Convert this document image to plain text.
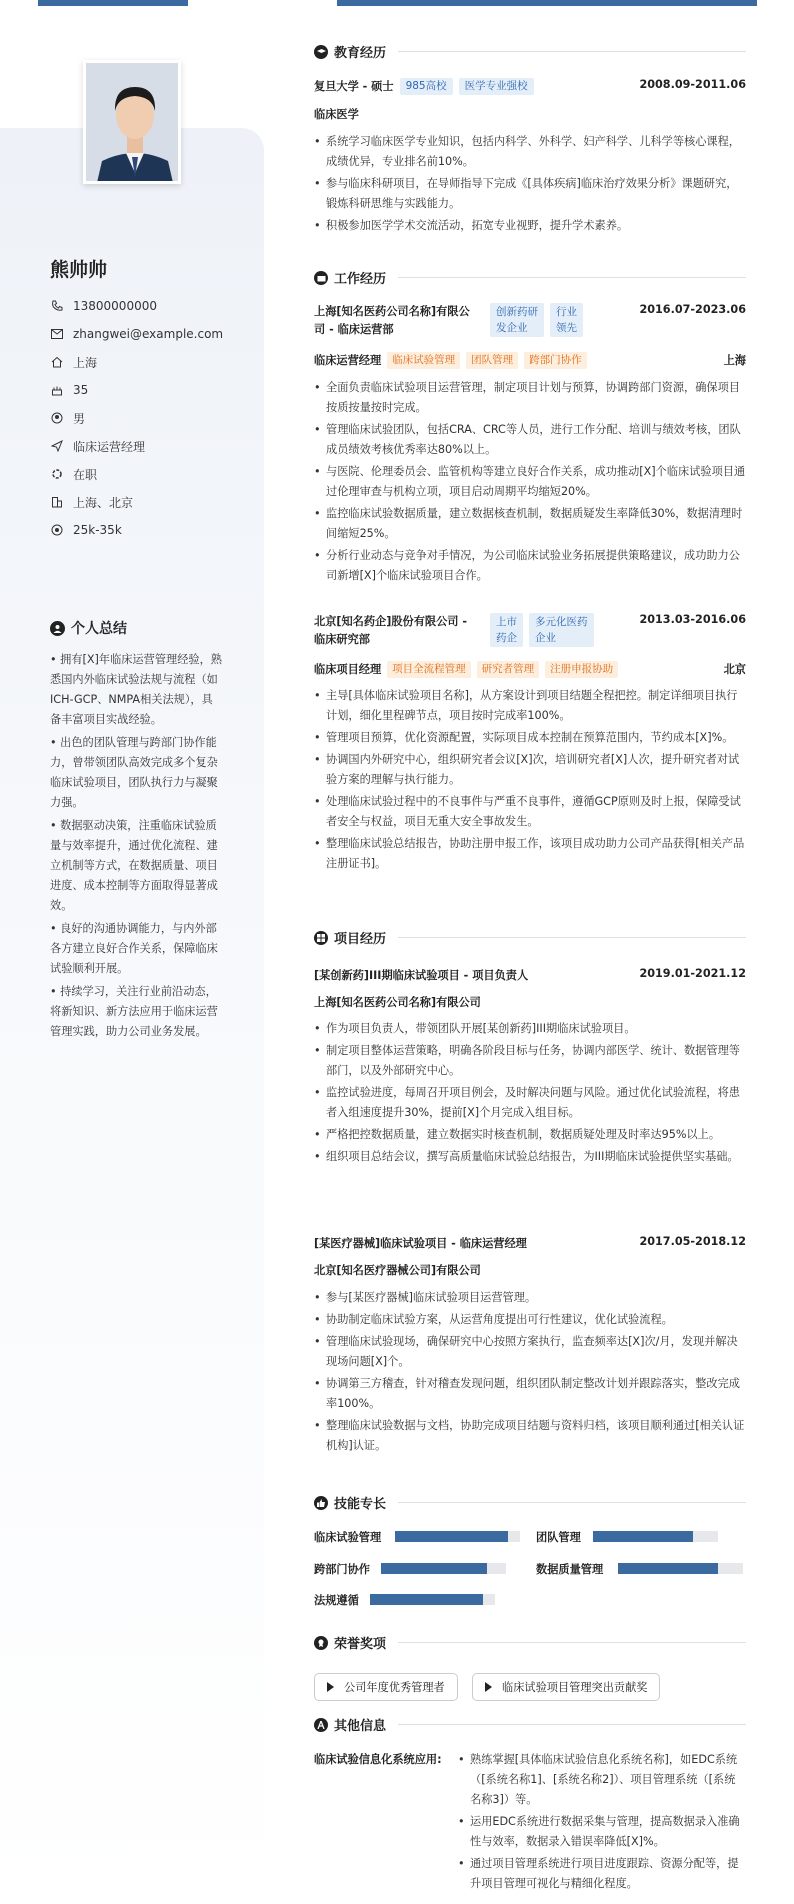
熊帅帅
13800000000
zhangwei@example.com
上海
35
男
临床运营经理
在职
上海、北京
25k-35k
个人总结
• 拥有[X]年临床运营管理经验，熟悉国内外临床试验法规与流程（如ICH-GCP、NMPA相关法规），具备丰富项目实战经验。
• 出色的团队管理与跨部门协作能力，曾带领团队高效完成多个复杂临床试验项目，团队执行力与凝聚力强。
• 数据驱动决策，注重临床试验质量与效率提升，通过优化流程、建立机制等方式，在数据质量、项目进度、成本控制等方面取得显著成效。
• 良好的沟通协调能力，与内外部各方建立良好合作关系，保障临床试验顺利开展。
• 持续学习，关注行业前沿动态，将新知识、新方法应用于临床运营管理实践，助力公司业务发展。
教育经历
复旦大学 - 硕士	985高校	医学专业强校	2008.09-2011.06
临床医学
• 系统学习临床医学专业知识，包括内科学、外科学、妇产科学、儿科学等核心课程，成绩优异，专业排名前10%。
• 参与临床科研项目，在导师指导下完成《[具体疾病]临床治疗效果分析》课题研究，锻炼科研思维与实践能力。
• 积极参加医学学术交流活动，拓宽专业视野，提升学术素养。
工作经历
上海[知名医药公司名称]有限公
司 - 临床运营部
创新药研
发企业
行业
领先
2016.07-2023.06
临床运营经理	临床试验管理	团队管理	跨部门协作	上海
• 全面负责临床试验项目运营管理，制定项目计划与预算，协调跨部门资源，确保项目按质按量按时完成。
• 管理临床试验团队，包括CRA、CRC等人员，进行工作分配、培训与绩效考核，团队成员绩效考核优秀率达80%以上。
• 与医院、伦理委员会、监管机构等建立良好合作关系，成功推动[X]个临床试验项目通过伦理审查与机构立项，项目启动周期平均缩短20%。
• 监控临床试验数据质量，建立数据核查机制，数据质疑发生率降低30%，数据清理时间缩短25%。
• 分析行业动态与竞争对手情况，为公司临床试验业务拓展提供策略建议，成功助力公司新增[X]个临床试验项目合作。
北京[知名药企]股份有限公司 -
临床研究部
上市
药企
多元化医药
企业
2013.03-2016.06
临床项目经理	项目全流程管理	研究者管理	注册申报协助	北京
• 主导[具体临床试验项目名称]，从方案设计到项目结题全程把控。制定详细项目执行计划，细化里程碑节点，项目按时完成率100%。
• 管理项目预算，优化资源配置，实际项目成本控制在预算范围内，节约成本[X]%。
• 协调国内外研究中心，组织研究者会议[X]次，培训研究者[X]人次，提升研究者对试验方案的理解与执行能力。
• 处理临床试验过程中的不良事件与严重不良事件，遵循GCP原则及时上报，保障受试者安全与权益，项目无重大安全事故发生。
• 整理临床试验总结报告，协助注册申报工作，该项目成功助力公司产品获得[相关产品注册证书]。
项目经历
[某创新药]III期临床试验项目 - 项目负责人	2019.01-2021.12
上海[知名医药公司名称]有限公司
• 作为项目负责人，带领团队开展[某创新药]III期临床试验项目。
• 制定项目整体运营策略，明确各阶段目标与任务，协调内部医学、统计、数据管理等部门，以及外部研究中心。
• 监控试验进度，每周召开项目例会，及时解决问题与风险。通过优化试验流程，将患者入组速度提升30%，提前[X]个月完成入组目标。
• 严格把控数据质量，建立数据实时核查机制，数据质疑处理及时率达95%以上。
• 组织项目总结会议，撰写高质量临床试验总结报告，为III期临床试验提供坚实基础。
[某医疗器械]临床试验项目 - 临床运营经理	2017.05-2018.12
北京[知名医疗器械公司]有限公司
• 参与[某医疗器械]临床试验项目运营管理。
• 协助制定临床试验方案，从运营角度提出可行性建议，优化试验流程。
• 管理临床试验现场，确保研究中心按照方案执行，监查频率达[X]次/月，发现并解决现场问题[X]个。
• 协调第三方稽查，针对稽查发现问题，组织团队制定整改计划并跟踪落实，整改完成率100%。
• 整理临床试验数据与文档，协助完成项目结题与资料归档，该项目顺利通过[相关认证机构]认证。
技能专长
临床试验管理	团队管理
跨部门协作	数据质量管理
法规遵循
荣誉奖项
公司年度优秀管理者	临床试验项目管理突出贡献奖
其他信息
临床试验信息化系统应用:
•	熟练掌握[具体临床试验信息化系统名称]，如EDC系统（[系统名称1]、[系统名称2]）、项目管理系统（[系统名称3]）等。
• 运用EDC系统进行数据采集与管理，提高数据录入准确性与效率，数据录入错误率降低[X]%。
• 通过项目管理系统进行项目进度跟踪、资源分配等，提升项目管理可视化与精细化程度。
